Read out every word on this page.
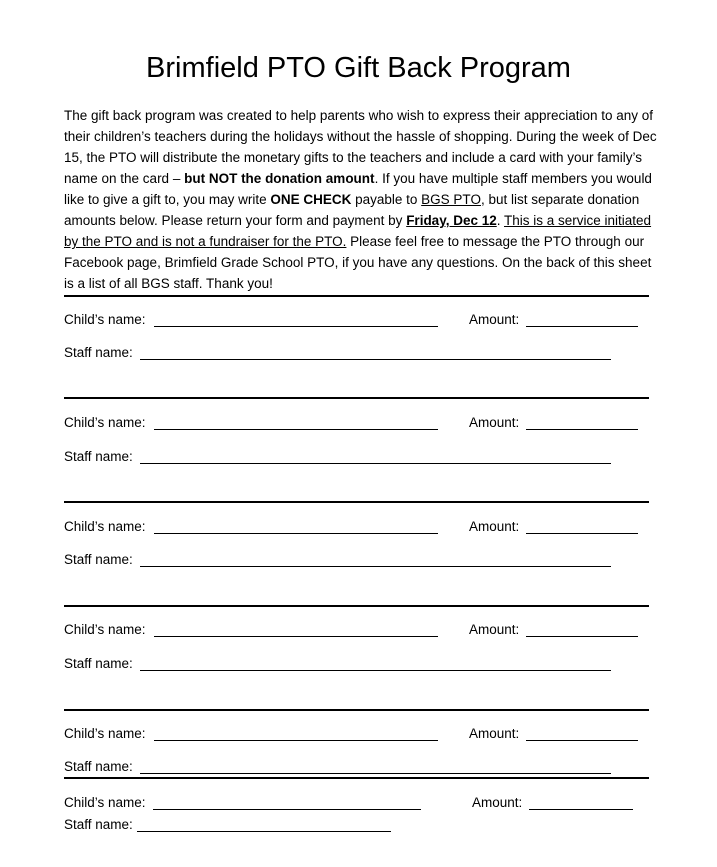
Brimfield PTO Gift Back Program

The gift back program was created to help parents who wish to express their appreciation to any of their children’s teachers during the holidays without the hassle of shopping. During the week of Dec 15, the PTO will distribute the monetary gifts to the teachers and include a card with your family’s name on the card – but NOT the donation amount. If you have multiple staff members you would like to give a gift to, you may write ONE CHECK payable to BGS PTO, but list separate donation amounts below. Please return your form and payment by Friday, Dec 12. This is a service initiated by the PTO and is not a fundraiser for the PTO. Please feel free to message the PTO through our Facebook page, Brimfield Grade School PTO, if you have any questions. On the back of this sheet is a list of all BGS staff. Thank you!

Child’s name:	Amount:
Staff name:
Child’s name:	Amount:
Staff name:
Child’s name:	Amount:
Staff name:
Child’s name:	Amount:
Staff name:
Child’s name:	Amount:
Staff name:
Child’s name:	Amount:
Staff name:
